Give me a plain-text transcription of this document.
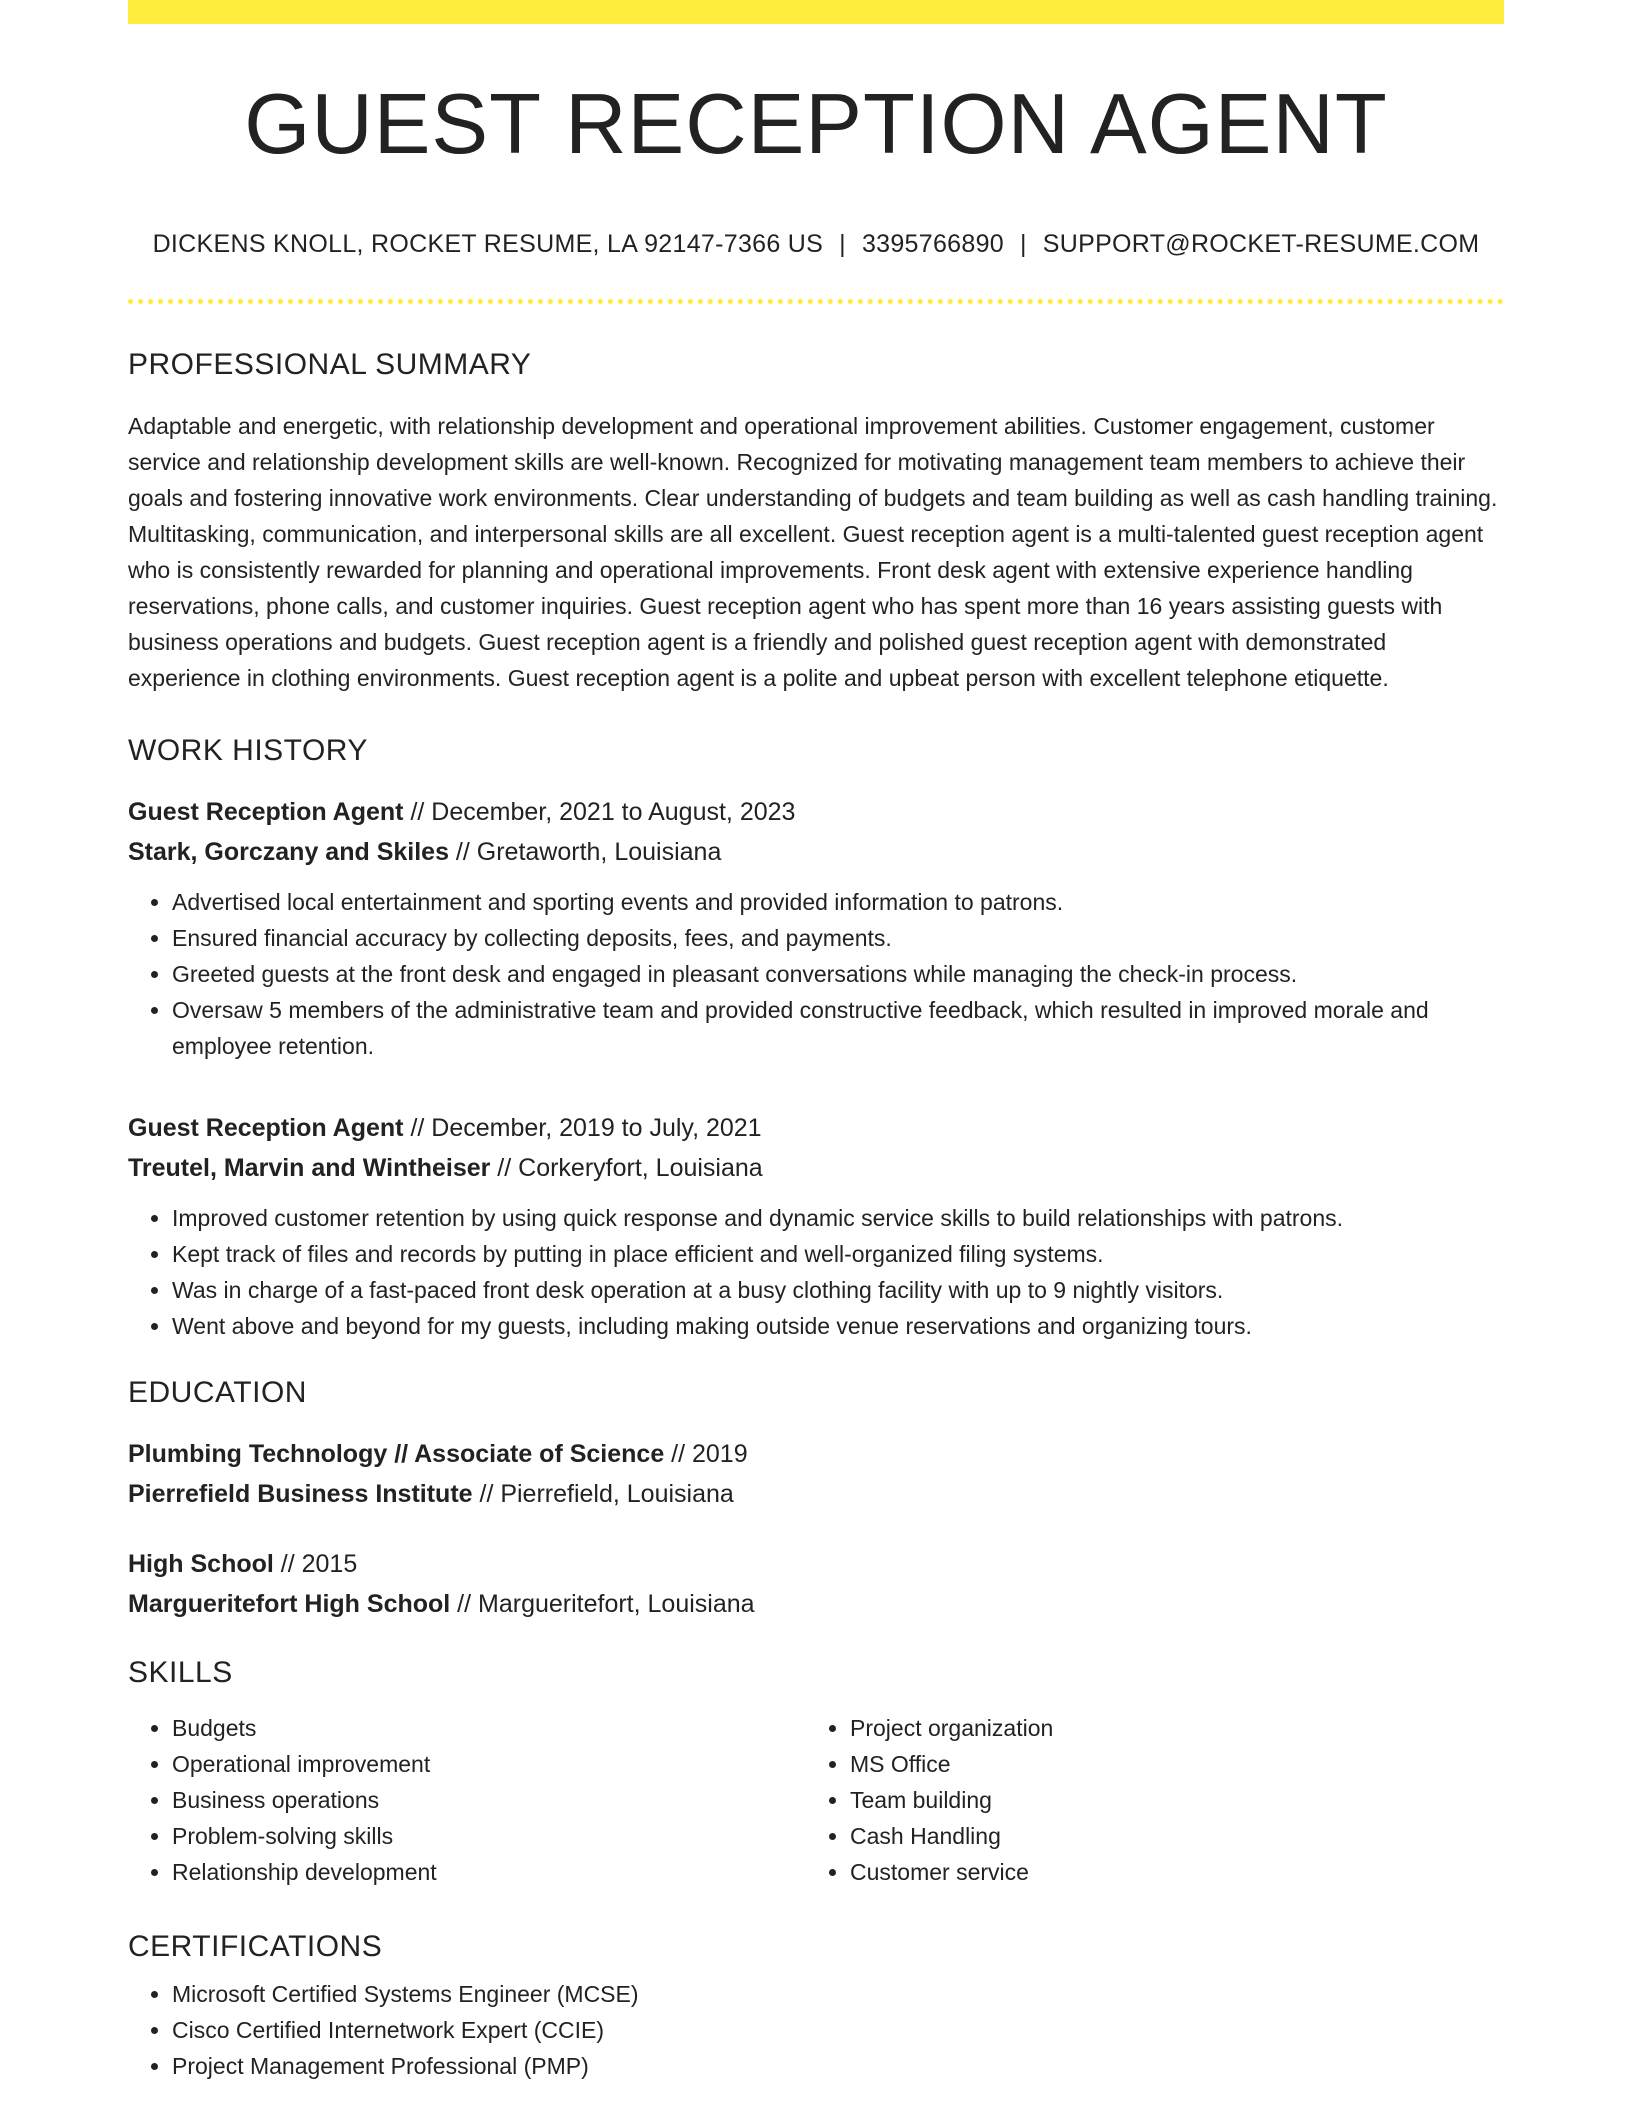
GUEST RECEPTION AGENT
DICKENS KNOLL, ROCKET RESUME, LA 92147-7366 US | 3395766890 | SUPPORT@ROCKET-RESUME.COM
PROFESSIONAL SUMMARY
Adaptable and energetic, with relationship development and operational improvement abilities. Customer engagement, customer service and relationship development skills are well-known. Recognized for motivating management team members to achieve their goals and fostering innovative work environments. Clear understanding of budgets and team building as well as cash handling training. Multitasking, communication, and interpersonal skills are all excellent. Guest reception agent is a multi-talented guest reception agent who is consistently rewarded for planning and operational improvements. Front desk agent with extensive experience handling reservations, phone calls, and customer inquiries. Guest reception agent who has spent more than 16 years assisting guests with business operations and budgets. Guest reception agent is a friendly and polished guest reception agent with demonstrated experience in clothing environments. Guest reception agent is a polite and upbeat person with excellent telephone etiquette.
WORK HISTORY
Guest Reception Agent // December, 2021 to August, 2023
Stark, Gorczany and Skiles // Gretaworth, Louisiana
• Advertised local entertainment and sporting events and provided information to patrons.
• Ensured financial accuracy by collecting deposits, fees, and payments.
• Greeted guests at the front desk and engaged in pleasant conversations while managing the check-in process.
• Oversaw 5 members of the administrative team and provided constructive feedback, which resulted in improved morale and employee retention.
Guest Reception Agent // December, 2019 to July, 2021
Treutel, Marvin and Wintheiser // Corkeryfort, Louisiana
• Improved customer retention by using quick response and dynamic service skills to build relationships with patrons.
• Kept track of files and records by putting in place efficient and well-organized filing systems.
• Was in charge of a fast-paced front desk operation at a busy clothing facility with up to 9 nightly visitors.
• Went above and beyond for my guests, including making outside venue reservations and organizing tours.
EDUCATION
Plumbing Technology // Associate of Science // 2019
Pierrefield Business Institute // Pierrefield, Louisiana
High School // 2015
Margueritefort High School // Margueritefort, Louisiana
SKILLS
• Budgets
• Operational improvement
• Business operations
• Problem-solving skills
• Relationship development
• Project organization
• MS Office
• Team building
• Cash Handling
• Customer service
CERTIFICATIONS
• Microsoft Certified Systems Engineer (MCSE)
• Cisco Certified Internetwork Expert (CCIE)
• Project Management Professional (PMP)
